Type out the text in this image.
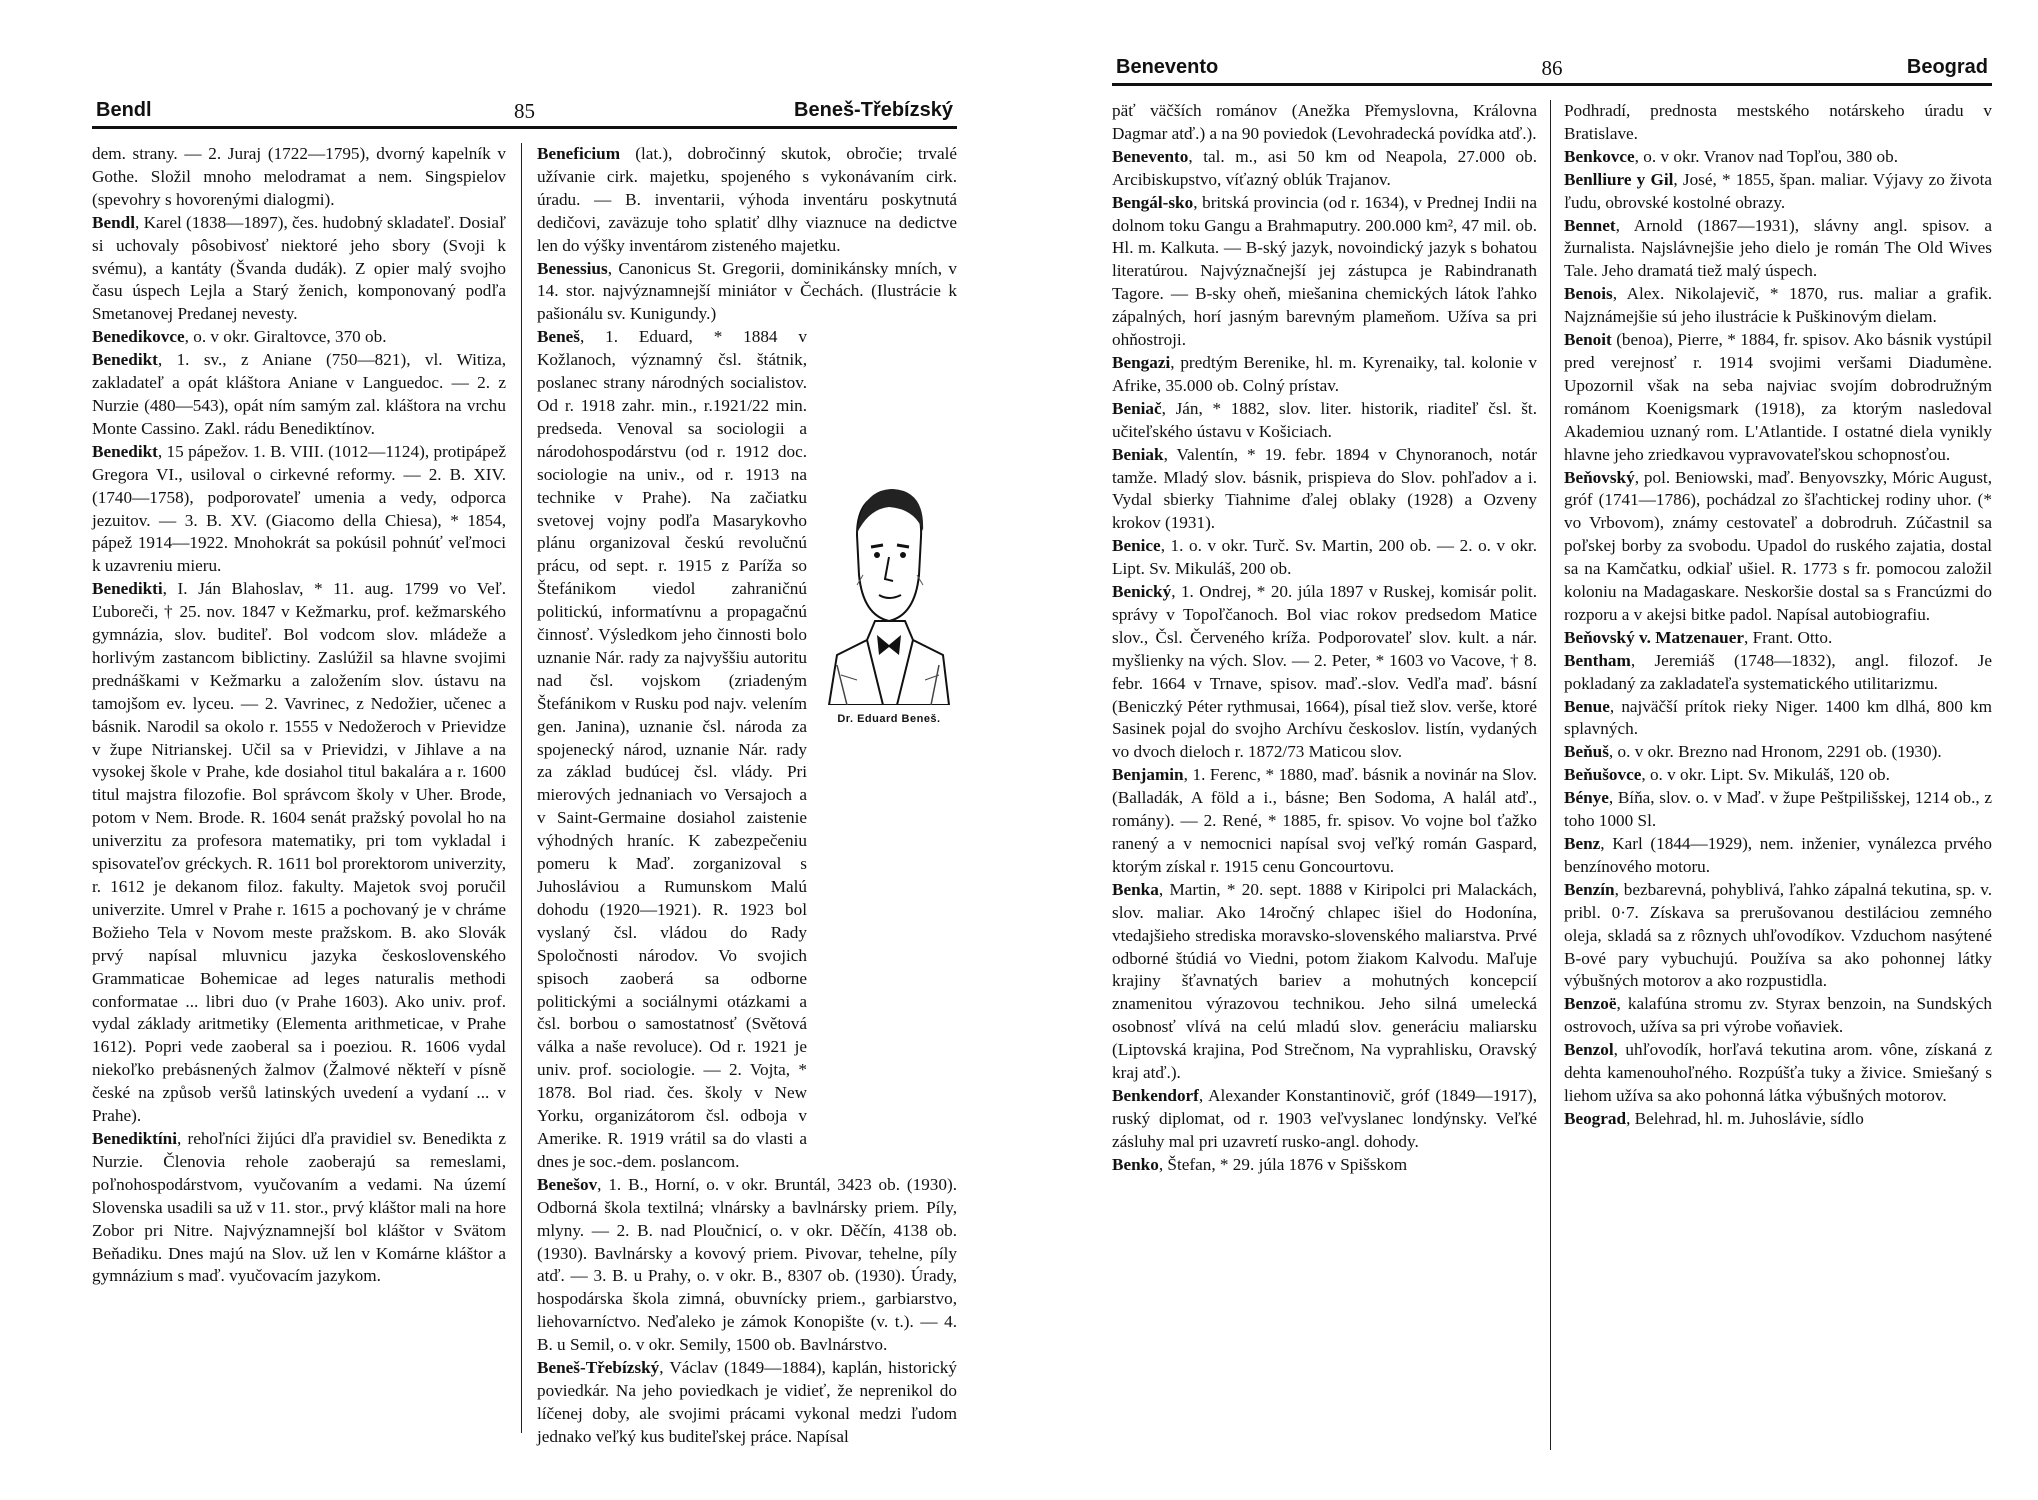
Bendl	85	Beneš-Třebízský

dem. strany. — 2. Juraj (1722—1795), dvorný kapelník v Gothe. Složil mnoho melodramat a nem. Singspielov (spevohry s hovorenými dialogmi).

Bendl, Karel (1838—1897), čes. hudobný skladateľ. Dosiaľ si uchovaly pôsobivosť niektoré jeho sbory (Svoji k svému), a kantáty (Švanda dudák). Z opier malý svojho času úspech Lejla a Starý ženich, komponovaný podľa Smetanovej Predanej nevesty.

Benedikovce, o. v okr. Giraltovce, 370 ob.

Benedikt, 1. sv., z Aniane (750—821), vl. Witiza, zakladateľ a opát kláštora Aniane v Languedoc. — 2. z Nurzie (480—543), opát ním samým zal. kláštora na vrchu Monte Cassino. Zakl. rádu Benediktínov.

Benedikt, 15 pápežov. 1. B. VIII. (1012—1124), protipápež Gregora VI., usiloval o cirkevné reformy. — 2. B. XIV. (1740—1758), podporovateľ umenia a vedy, odporca jezuitov. — 3. B. XV. (Giacomo della Chiesa), * 1854, pápež 1914—1922. Mnohokrát sa pokúsil pohnúť veľmoci k uzavreniu mieru.

Benedikti, I. Ján Blahoslav, * 11. aug. 1799 vo Veľ. Ľuboreči, † 25. nov. 1847 v Kežmarku, prof. kežmarského gymnázia, slov. buditeľ. Bol vodcom slov. mládeže a horlivým zastancom biblictiny. Zaslúžil sa hlavne svojimi prednáškami v Kežmarku a založením slov. ústavu na tamojšom ev. lyceu. — 2. Vavrinec, z Nedožier, učenec a básnik. Narodil sa okolo r. 1555 v Nedožeroch v Prievidze v župe Nitrianskej. Učil sa v Prievidzi, v Jihlave a na vysokej škole v Prahe, kde dosiahol titul bakalára a r. 1600 titul majstra filozofie. Bol správcom školy v Uher. Brode, potom v Nem. Brode. R. 1604 senát pražský povolal ho na univerzitu za profesora matematiky, pri tom vykladal i spisovateľov gréckych. R. 1611 bol prorektorom univerzity, r. 1612 je dekanom filoz. fakulty. Majetok svoj poručil univerzite. Umrel v Prahe r. 1615 a pochovaný je v chráme Božieho Tela v Novom meste pražskom. B. ako Slovák prvý napísal mluvnicu jazyka československého Grammaticae Bohemicae ad leges naturalis methodi conformatae ... libri duo (v Prahe 1603). Ako univ. prof. vydal základy aritmetiky (Elementa arithmeticae, v Prahe 1612). Popri vede zaoberal sa i poeziou. R. 1606 vydal niekoľko prebásnených žalmov (Žalmové někteří v písně české na způsob veršů latinských uvedení a vydaní ... v Prahe).

Benediktíni, rehoľníci žijúci dľa pravidiel sv. Benedikta z Nurzie. Členovia rehole zaoberajú sa remeslami, poľnohospodárstvom, vyučovaním a vedami. Na území Slovenska usadili sa už v 11. stor., prvý kláštor mali na hore Zobor pri Nitre. Najvýznamnejší bol kláštor v Svätom Beňadiku. Dnes majú na Slov. už len v Komárne kláštor a gymnázium s maď. vyučovacím jazykom.

Beneficium (lat.), dobročinný skutok, obročie; trvalé užívanie cirk. majetku, spojeného s vykonávaním cirk. úradu. — B. inventarii, výhoda inventáru poskytnutá dedičovi, zaväzuje toho splatiť dlhy viaznuce na dedictve len do výšky inventárom zisteného majetku.

Benessius, Canonicus St. Gregorii, dominikánsky mních, v 14. stor. najvýznamnejší miniátor v Čechách. (Ilustrácie k pašionálu sv. Kunigundy.)

Beneš, 1. Eduard, * 1884 v Kožlanoch, významný čsl. štátnik, poslanec strany národných socialistov. Od r. 1918 zahr. min., r.1921/22 min. predseda. Venoval sa sociologii a národohospodárstvu (od r. 1912 doc. sociologie na univ., od r. 1913 na technike v Prahe). Na začiatku svetovej vojny podľa Masarykovho plánu organizoval českú revolučnú prácu, od sept. r. 1915 z Paríža so Štefánikom viedol zahraničnú politickú, informatívnu a propagačnú činnosť. Výsledkom jeho činnosti bolo uznanie Nár. rady za najvyššiu autoritu nad čsl. vojskom (zriadeným Štefánikom v Rusku pod najv. velením gen. Janina), uznanie čsl. národa za spojenecký národ, uznanie Nár. rady za základ budúcej čsl. vlády. Pri mierových jednaniach vo Versajoch a v Saint-Germaine dosiahol zaistenie výhodných hraníc. K zabezpečeniu pomeru k Maď. zorganizoval s Juhosláviou a Rumunskom Malú dohodu (1920—1921). R. 1923 bol vyslaný čsl. vládou do Rady Spoločnosti národov. Vo svojich spisoch zaoberá sa odborne politickými a sociálnymi otázkami a čsl. borbou o samostatnosť (Světová válka a naše revoluce). Od r. 1921 je univ. prof. sociologie. — 2. Vojta, * 1878. Bol riad. čes. školy v New Yorku, organizátorom čsl. odboja v Amerike. R. 1919 vrátil sa do vlasti a dnes je soc.-dem. poslancom.

Benešov, 1. B., Horní, o. v okr. Bruntál, 3423 ob. (1930). Odborná škola textilná; vlnársky a bavlnársky priem. Píly, mlyny. — 2. B. nad Ploučnicí, o. v okr. Děčín, 4138 ob. (1930). Bavlnársky a kovový priem. Pivovar, tehelne, píly atď. — 3. B. u Prahy, o. v okr. B., 8307 ob. (1930). Úrady, hospodárska škola zimná, obuvnícky priem., garbiarstvo, liehovarníctvo. Neďaleko je zámok Konopište (v. t.). — 4. B. u Semil, o. v okr. Semily, 1500 ob. Bavlnárstvo.

Beneš-Třebízský, Václav (1849—1884), kaplán, historický poviedkár. Na jeho poviedkach je vidieť, že neprenikol do líčenej doby, ale svojimi prácami vykonal medzi ľudom jednako veľký kus buditeľskej práce. Napísal

Dr. Eduard Beneš.
Benevento	86	Beograd

päť väčších románov (Anežka Přemyslovna, Královna Dagmar atď.) a na 90 poviedok (Levohradecká povídka atď.).

Benevento, tal. m., asi 50 km od Neapola, 27.000 ob. Arcibiskupstvo, víťazný oblúk Trajanov.

Bengál-sko, britská provincia (od r. 1634), v Prednej Indii na dolnom toku Gangu a Brahmaputry. 200.000 km², 47 mil. ob. Hl. m. Kalkuta. — B-ský jazyk, novoindický jazyk s bohatou literatúrou. Najvýznačnejší jej zástupca je Rabindranath Tagore. — B-sky oheň, miešanina chemických látok ľahko zápalných, horí jasným barevným plameňom. Užíva sa pri ohňostroji.

Bengazi, predtým Berenike, hl. m. Kyrenaiky, tal. kolonie v Afrike, 35.000 ob. Colný prístav.

Beniač, Ján, * 1882, slov. liter. historik, riaditeľ čsl. št. učiteľského ústavu v Košiciach.

Beniak, Valentín, * 19. febr. 1894 v Chynoranoch, notár tamže. Mladý slov. básnik, prispieva do Slov. pohľadov a i. Vydal sbierky Tiahnime ďalej oblaky (1928) a Ozveny krokov (1931).

Benice, 1. o. v okr. Turč. Sv. Martin, 200 ob. — 2. o. v okr. Lipt. Sv. Mikuláš, 200 ob.

Benický, 1. Ondrej, * 20. júla 1897 v Ruskej, komisár polit. správy v Topoľčanoch. Bol viac rokov predsedom Matice slov., Čsl. Červeného kríža. Podporovateľ slov. kult. a nár. myšlienky na vých. Slov. — 2. Peter, * 1603 vo Vacove, † 8. febr. 1664 v Trnave, spisov. maď.-slov. Vedľa maď. básní (Beniczký Péter rythmusai, 1664), písal tiež slov. verše, ktoré Sasinek pojal do svojho Archívu českoslov. listín, vydaných vo dvoch dieloch r. 1872/73 Maticou slov.

Benjamin, 1. Ferenc, * 1880, maď. básnik a novinár na Slov. (Balladák, A föld a i., básne; Ben Sodoma, A halál atď., romány). — 2. René, * 1885, fr. spisov. Vo vojne bol ťažko ranený a v nemocnici napísal svoj veľký román Gaspard, ktorým získal r. 1915 cenu Goncourtovu.

Benka, Martin, * 20. sept. 1888 v Kiripolci pri Malackách, slov. maliar. Ako 14ročný chlapec išiel do Hodonína, vtedajšieho strediska moravsko-slovenského maliarstva. Prvé odborné štúdiá vo Viedni, potom žiakom Kalvodu. Maľuje krajiny šťavnatých bariev a mohutných koncepcií znamenitou výrazovou technikou. Jeho silná umelecká osobnosť vlívá na celú mladú slov. generáciu maliarsku (Liptovská krajina, Pod Strečnom, Na vyprahlisku, Oravský kraj atď.).

Benkendorf, Alexander Konstantinovič, gróf (1849—1917), ruský diplomat, od r. 1903 veľvyslanec londýnsky. Veľké zásluhy mal pri uzavretí rusko-angl. dohody.

Benko, Štefan, * 29. júla 1876 v Spišskom

Podhradí, prednosta mestského notárskeho úradu v Bratislave.

Benkovce, o. v okr. Vranov nad Topľou, 380 ob.

Benlliure y Gil, José, * 1855, špan. maliar. Výjavy zo života ľudu, obrovské kostolné obrazy.

Bennet, Arnold (1867—1931), slávny angl. spisov. a žurnalista. Najslávnejšie jeho dielo je román The Old Wives Tale. Jeho dramatá tiež malý úspech.

Benois, Alex. Nikolajevič, * 1870, rus. maliar a grafik. Najznámejšie sú jeho ilustrácie k Puškinovým dielam.

Benoit (benoa), Pierre, * 1884, fr. spisov. Ako básnik vystúpil pred verejnosť r. 1914 svojimi veršami Diadumène. Upozornil však na seba najviac svojím dobrodružným románom Koenigsmark (1918), za ktorým nasledoval Akademiou uznaný rom. L'Atlantide. I ostatné diela vynikly hlavne jeho zriedkavou vypravovateľskou schopnosťou.

Beňovský, pol. Beniowski, maď. Benyovszky, Móric August, gróf (1741—1786), pochádzal zo šľachtickej rodiny uhor. (* vo Vrbovom), známy cestovateľ a dobrodruh. Zúčastnil sa poľskej borby za svobodu. Upadol do ruského zajatia, dostal sa na Kamčatku, odkiaľ ušiel. R. 1773 s fr. pomocou založil koloniu na Madagaskare. Neskoršie dostal sa s Francúzmi do rozporu a v akejsi bitke padol. Napísal autobiografiu.

Beňovský v. Matzenauer, Frant. Otto.

Bentham, Jeremiáš (1748—1832), angl. filozof. Je pokladaný za zakladateľa systematického utilitarizmu.

Benue, najväčší prítok rieky Niger. 1400 km dlhá, 800 km splavných.

Beňuš, o. v okr. Brezno nad Hronom, 2291 ob. (1930).

Beňušovce, o. v okr. Lipt. Sv. Mikuláš, 120 ob.

Bénye, Bíňa, slov. o. v Maď. v župe Peštpilišskej, 1214 ob., z toho 1000 Sl.

Benz, Karl (1844—1929), nem. inženier, vynálezca prvého benzínového motoru.

Benzín, bezbarevná, pohyblivá, ľahko zápalná tekutina, sp. v. pribl. 0·7. Získava sa prerušovanou destiláciou zemného oleja, skladá sa z rôznych uhľovodíkov. Vzduchom nasýtené B-ové pary vybuchujú. Používa sa ako pohonnej látky výbušných motorov a ako rozpustidla.

Benzoë, kalafúna stromu zv. Styrax benzoin, na Sundských ostrovoch, užíva sa pri výrobe voňaviek.

Benzol, uhľovodík, horľavá tekutina arom. vône, získaná z dehta kamenouhoľného. Rozpúšťa tuky a živice. Smiešaný s liehom užíva sa ako pohonná látka výbušných motorov.

Beograd, Belehrad, hl. m. Juhoslávie, sídlo
